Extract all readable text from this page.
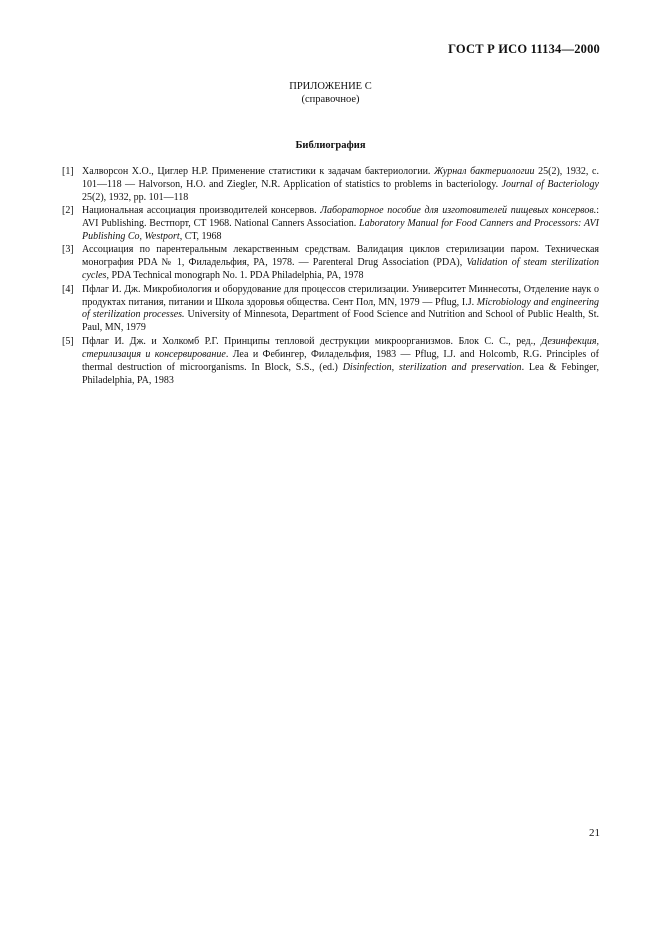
ГОСТ Р ИСО 11134—2000
ПРИЛОЖЕНИЕ С

(справочное)
Библиография
[1] Халворсон Х.О., Циглер Н.Р. Применение статистики к задачам бактериологии. Журнал бактериологии 25(2), 1932, с. 101—118 — Halvorson, H.O. and Ziegler, N.R. Application of statistics to problems in bacteriology. Journal of Bacteriology 25(2), 1932, pp. 101—118
[2] Национальная ассоциация производителей консервов. Лабораторное пособие для изготовителей пищевых консервов.: AVI Publishing. Вестпорт, СТ 1968. National Canners Association. Laboratory Manual for Food Canners and Processors: AVI Publishing Co, Westport, СТ, 1968
[3] Ассоциация по парентеральным лекарственным средствам. Валидация циклов стерилизации паром. Техническая монография PDA № 1, Филадельфия, PA, 1978. — Parenteral Drug Association (PDA), Validation of steam sterilization cycles, PDA Technical monograph No. 1. PDA Philadelphia, PA, 1978
[4] Пфлаг И. Дж. Микробиология и оборудование для процессов стерилизации. Университет Миннесоты, Отделение наук о продуктах питания, питании и Школа здоровья общества. Сент Пол, MN, 1979 — Pflug, I.J. Microbiology and engineering of sterilization processes. University of Minnesota, Department of Food Science and Nutrition and School of Public Health, St. Paul, MN, 1979
[5] Пфлаг И. Дж. и Холкомб Р.Г. Принципы тепловой деструкции микроорганизмов. Блок С. С., ред., Дезинфекция, стерилизация и консервирование. Леа и Фебингер, Филадельфия, 1983 — Pflug, I.J. and Holcomb, R.G. Principles of thermal destruction of microorganisms. In Block, S.S., (ed.) Disinfection, sterilization and preservation. Lea & Febinger, Philadelphia, PA, 1983
21
